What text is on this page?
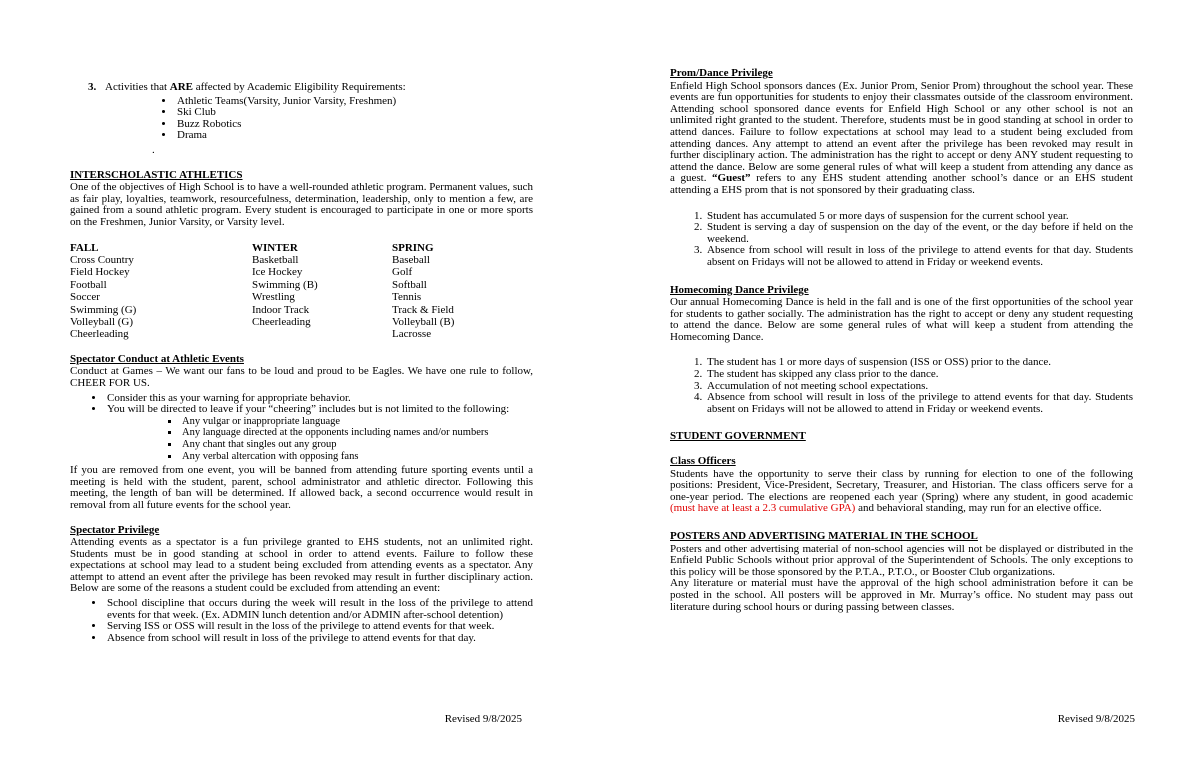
3. Activities that ARE affected by Academic Eligibility Requirements:
• Athletic Teams(Varsity, Junior Varsity, Freshmen)
• Ski Club
• Buzz Robotics
• Drama
.
INTERSCHOLASTIC ATHLETICS

One of the objectives of High School is to have a well-rounded athletic program. Permanent values, such as fair play, loyalties, teamwork, resourcefulness, determination, leadership, only to mention a few, are gained from a sound athletic program. Every student is encouraged to participate in one or more sports on the Freshmen, Junior Varsity, or Varsity level.

FALL	WINTER	SPRING
Cross Country	Basketball	Baseball
Field Hockey	Ice Hockey	Golf
Football	Swimming (B)	Softball
Soccer	Wrestling	Tennis
Swimming (G)	Indoor Track	Track & Field
Volleyball (G)	Cheerleading	Volleyball (B)
Cheerleading		Lacrosse
Spectator Conduct at Athletic Events

Conduct at Games – We want our fans to be loud and proud to be Eagles. We have one rule to follow, CHEER FOR US.

• Consider this as your warning for appropriate behavior.
• You will be directed to leave if your “cheering” includes but is not limited to the following:
▪ Any vulgar or inappropriate language
▪ Any language directed at the opponents including names and/or numbers
▪ Any chant that singles out any group
▪ Any verbal altercation with opposing fans

If you are removed from one event, you will be banned from attending future sporting events until a meeting is held with the student, parent, school administrator and athletic director. Following this meeting, the length of ban will be determined. If allowed back, a second occurrence would result in removal from all future events for the school year.

Spectator Privilege

Attending events as a spectator is a fun privilege granted to EHS students, not an unlimited right. Students must be in good standing at school in order to attend events. Failure to follow these expectations at school may lead to a student being excluded from attending events as a spectator. Any attempt to attend an event after the privilege has been revoked may result in further disciplinary action. Below are some of the reasons a student could be excluded from attending an event:

• School discipline that occurs during the week will result in the loss of the privilege to attend events for that week. (Ex. ADMIN lunch detention and/or ADMIN after-school detention)
• Serving ISS or OSS will result in the loss of the privilege to attend events for that week.
• Absence from school will result in loss of the privilege to attend events for that day.
Prom/Dance Privilege

Enfield High School sponsors dances (Ex. Junior Prom, Senior Prom) throughout the school year. These events are fun opportunities for students to enjoy their classmates outside of the classroom environment. Attending school sponsored dance events for Enfield High School or any other school is not an unlimited right granted to the student. Therefore, students must be in good standing at school in order to attend dances. Failure to follow expectations at school may lead to a student being excluded from attending dances. Any attempt to attend an event after the privilege has been revoked may result in further disciplinary action. The administration has the right to accept or deny ANY student requesting to attend the dance. Below are some general rules of what will keep a student from attending any dance as a guest. “Guest” refers to any EHS student attending another school’s dance or an EHS student attending a EHS prom that is not sponsored by their graduating class.

1. Student has accumulated 5 or more days of suspension for the current school year.
2. Student is serving a day of suspension on the day of the event, or the day before if held on the weekend.
3. Absence from school will result in loss of the privilege to attend events for that day. Students absent on Fridays will not be allowed to attend in Friday or weekend events.
Homecoming Dance Privilege

Our annual Homecoming Dance is held in the fall and is one of the first opportunities of the school year for students to gather socially. The administration has the right to accept or deny any student requesting to attend the dance. Below are some general rules of what will keep a student from attending the Homecoming Dance.

1. The student has 1 or more days of suspension (ISS or OSS) prior to the dance.
2. The student has skipped any class prior to the dance.
3. Accumulation of not meeting school expectations.
4. Absence from school will result in loss of the privilege to attend events for that day. Students absent on Fridays will not be allowed to attend in Friday or weekend events.
STUDENT GOVERNMENT
Class Officers

Students have the opportunity to serve their class by running for election to one of the following positions: President, Vice-President, Secretary, Treasurer, and Historian. The class officers serve for a one-year period. The elections are reopened each year (Spring) where any student, in good academic (must have at least a 2.3 cumulative GPA) and behavioral standing, may run for an elective office.

POSTERS AND ADVERTISING MATERIAL IN THE SCHOOL

Posters and other advertising material of non-school agencies will not be displayed or distributed in the Enfield Public Schools without prior approval of the Superintendent of Schools. The only exceptions to this policy will be those sponsored by the P.T.A., P.T.O., or Booster Club organizations.

Any literature or material must have the approval of the high school administration before it can be posted in the school. All posters will be approved in Mr. Murray’s office. No student may pass out literature during school hours or during passing between classes.

Revised 9/8/2025	Revised 9/8/2025
